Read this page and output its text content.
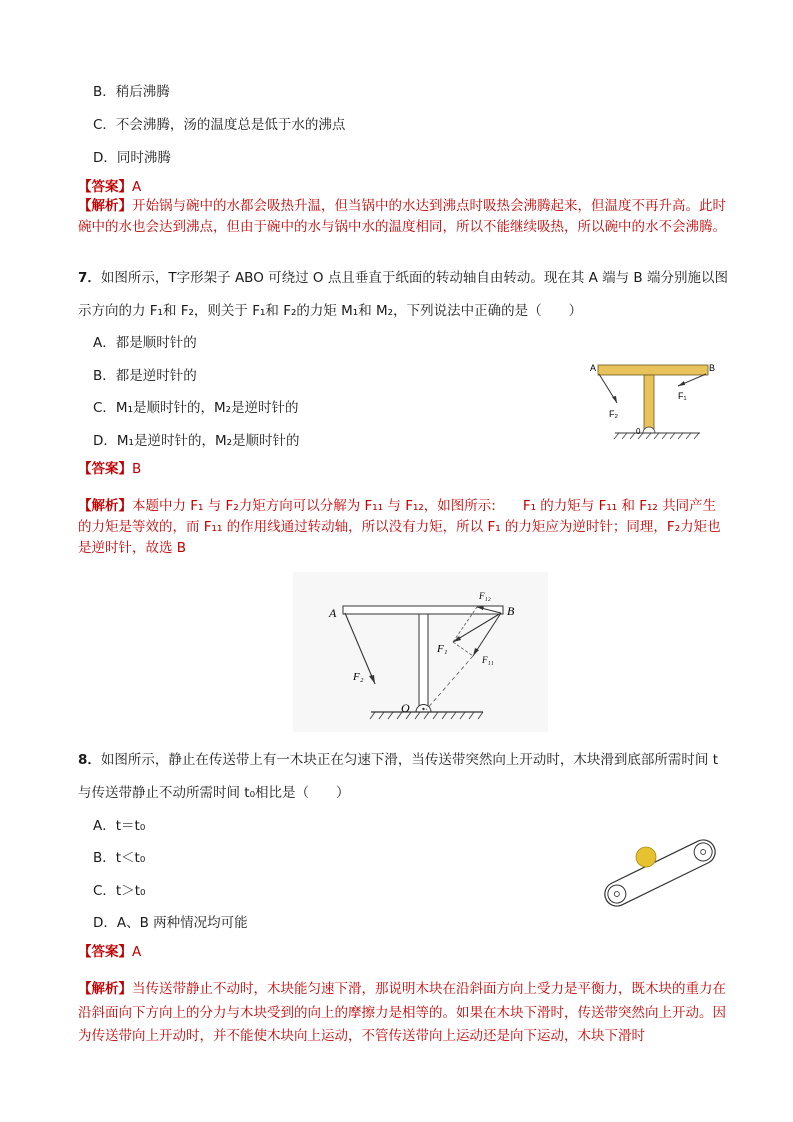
B．稍后沸腾
C．不会沸腾，汤的温度总是低于水的沸点
D．同时沸腾
【答案】A
【解析】开始锅与碗中的水都会吸热升温，但当锅中的水达到沸点时吸热会沸腾起来，但温度不再升高。此时碗中的水也会达到沸点，但由于碗中的水与锅中水的温度相同，所以不能继续吸热，所以碗中的水不会沸腾。
7．如图所示，T字形架子 ABO 可绕过 O 点且垂直于纸面的转动轴自由转动。现在其 A 端与 B 端分别施以图示方向的力 F₁和 F₂，则关于 F₁和 F₂的力矩 M₁和 M₂，下列说法中正确的是（　　）
A．都是顺时针的
B．都是逆时针的
C．M₁是顺时针的，M₂是逆时针的
D．M₁是逆时针的，M₂是顺时针的
【答案】B
A	B
F₂
F₁
0
【解析】本题中力 F₁ 与 F₂力矩方向可以分解为 F₁₁ 与 F₁₂，如图所示:　　F₁ 的力矩与 F₁₁ 和 F₁₂ 共同产生的力矩是等效的，而 F₁₁ 的作用线通过转动轴，所以没有力矩，所以 F₁ 的力矩应为逆时针；同理，F₂力矩也是逆时针，故选 B
A	B
F₂
F₁
F₁₂
F₁₁
O
8．如图所示，静止在传送带上有一木块正在匀速下滑，当传送带突然向上开动时，木块滑到底部所需时间 t 与传送带静止不动所需时间 t₀相比是（　　）
A．t＝t₀
B．t＜t₀
C．t＞t₀
D．A、B 两种情况均可能
【答案】A
【解析】当传送带静止不动时，木块能匀速下滑，那说明木块在沿斜面方向上受力是平衡力，既木块的重力在沿斜面向下方向上的分力与木块受到的向上的摩擦力是相等的。如果在木块下滑时，传送带突然向上开动。因为传送带向上开动时，并不能使木块向上运动，不管传送带向上运动还是向下运动，木块下滑时
